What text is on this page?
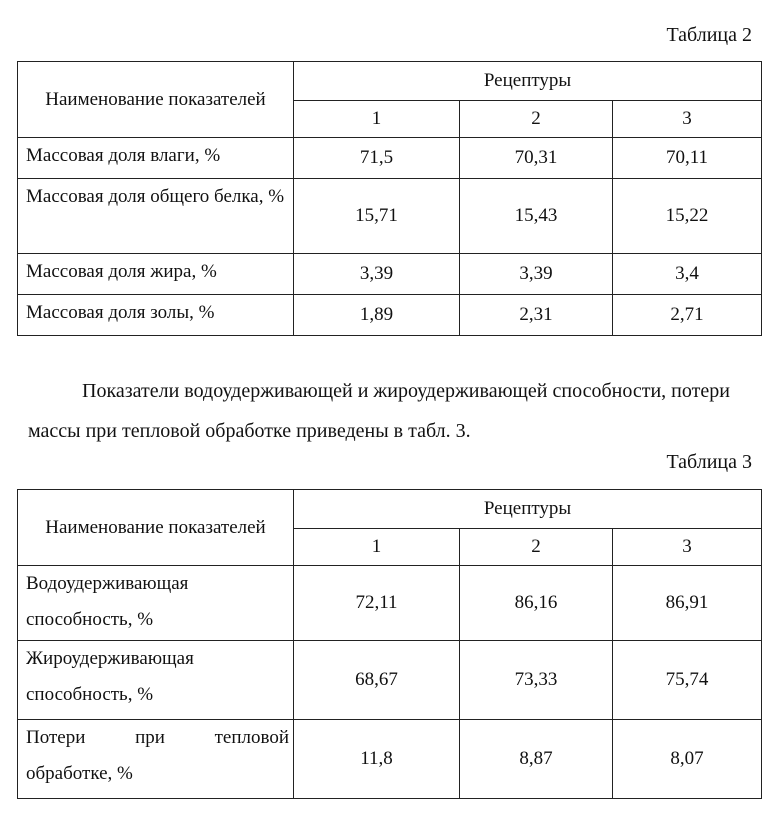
Таблица 2
Наименование показателей	Рецептуры		
	1	2	3
Массовая доля влаги, %	71,5	70,31	70,11
Массовая доля общего белка, %	15,71	15,43	15,22
Массовая доля жира, %	3,39	3,39	3,4
Массовая доля золы, %	1,89	2,31	2,71
Показатели водоудерживающей и жироудерживающей способности, потери массы при тепловой обработке приведены в табл. 3.
Таблица 3
Наименование показателей	Рецептуры		
	1	2	3
Водоудерживающая способность, %	72,11	86,16	86,91
Жироудерживающая способность, %	68,67	73,33	75,74
Потери при тепловой обработке, %	11,8	8,87	8,07
